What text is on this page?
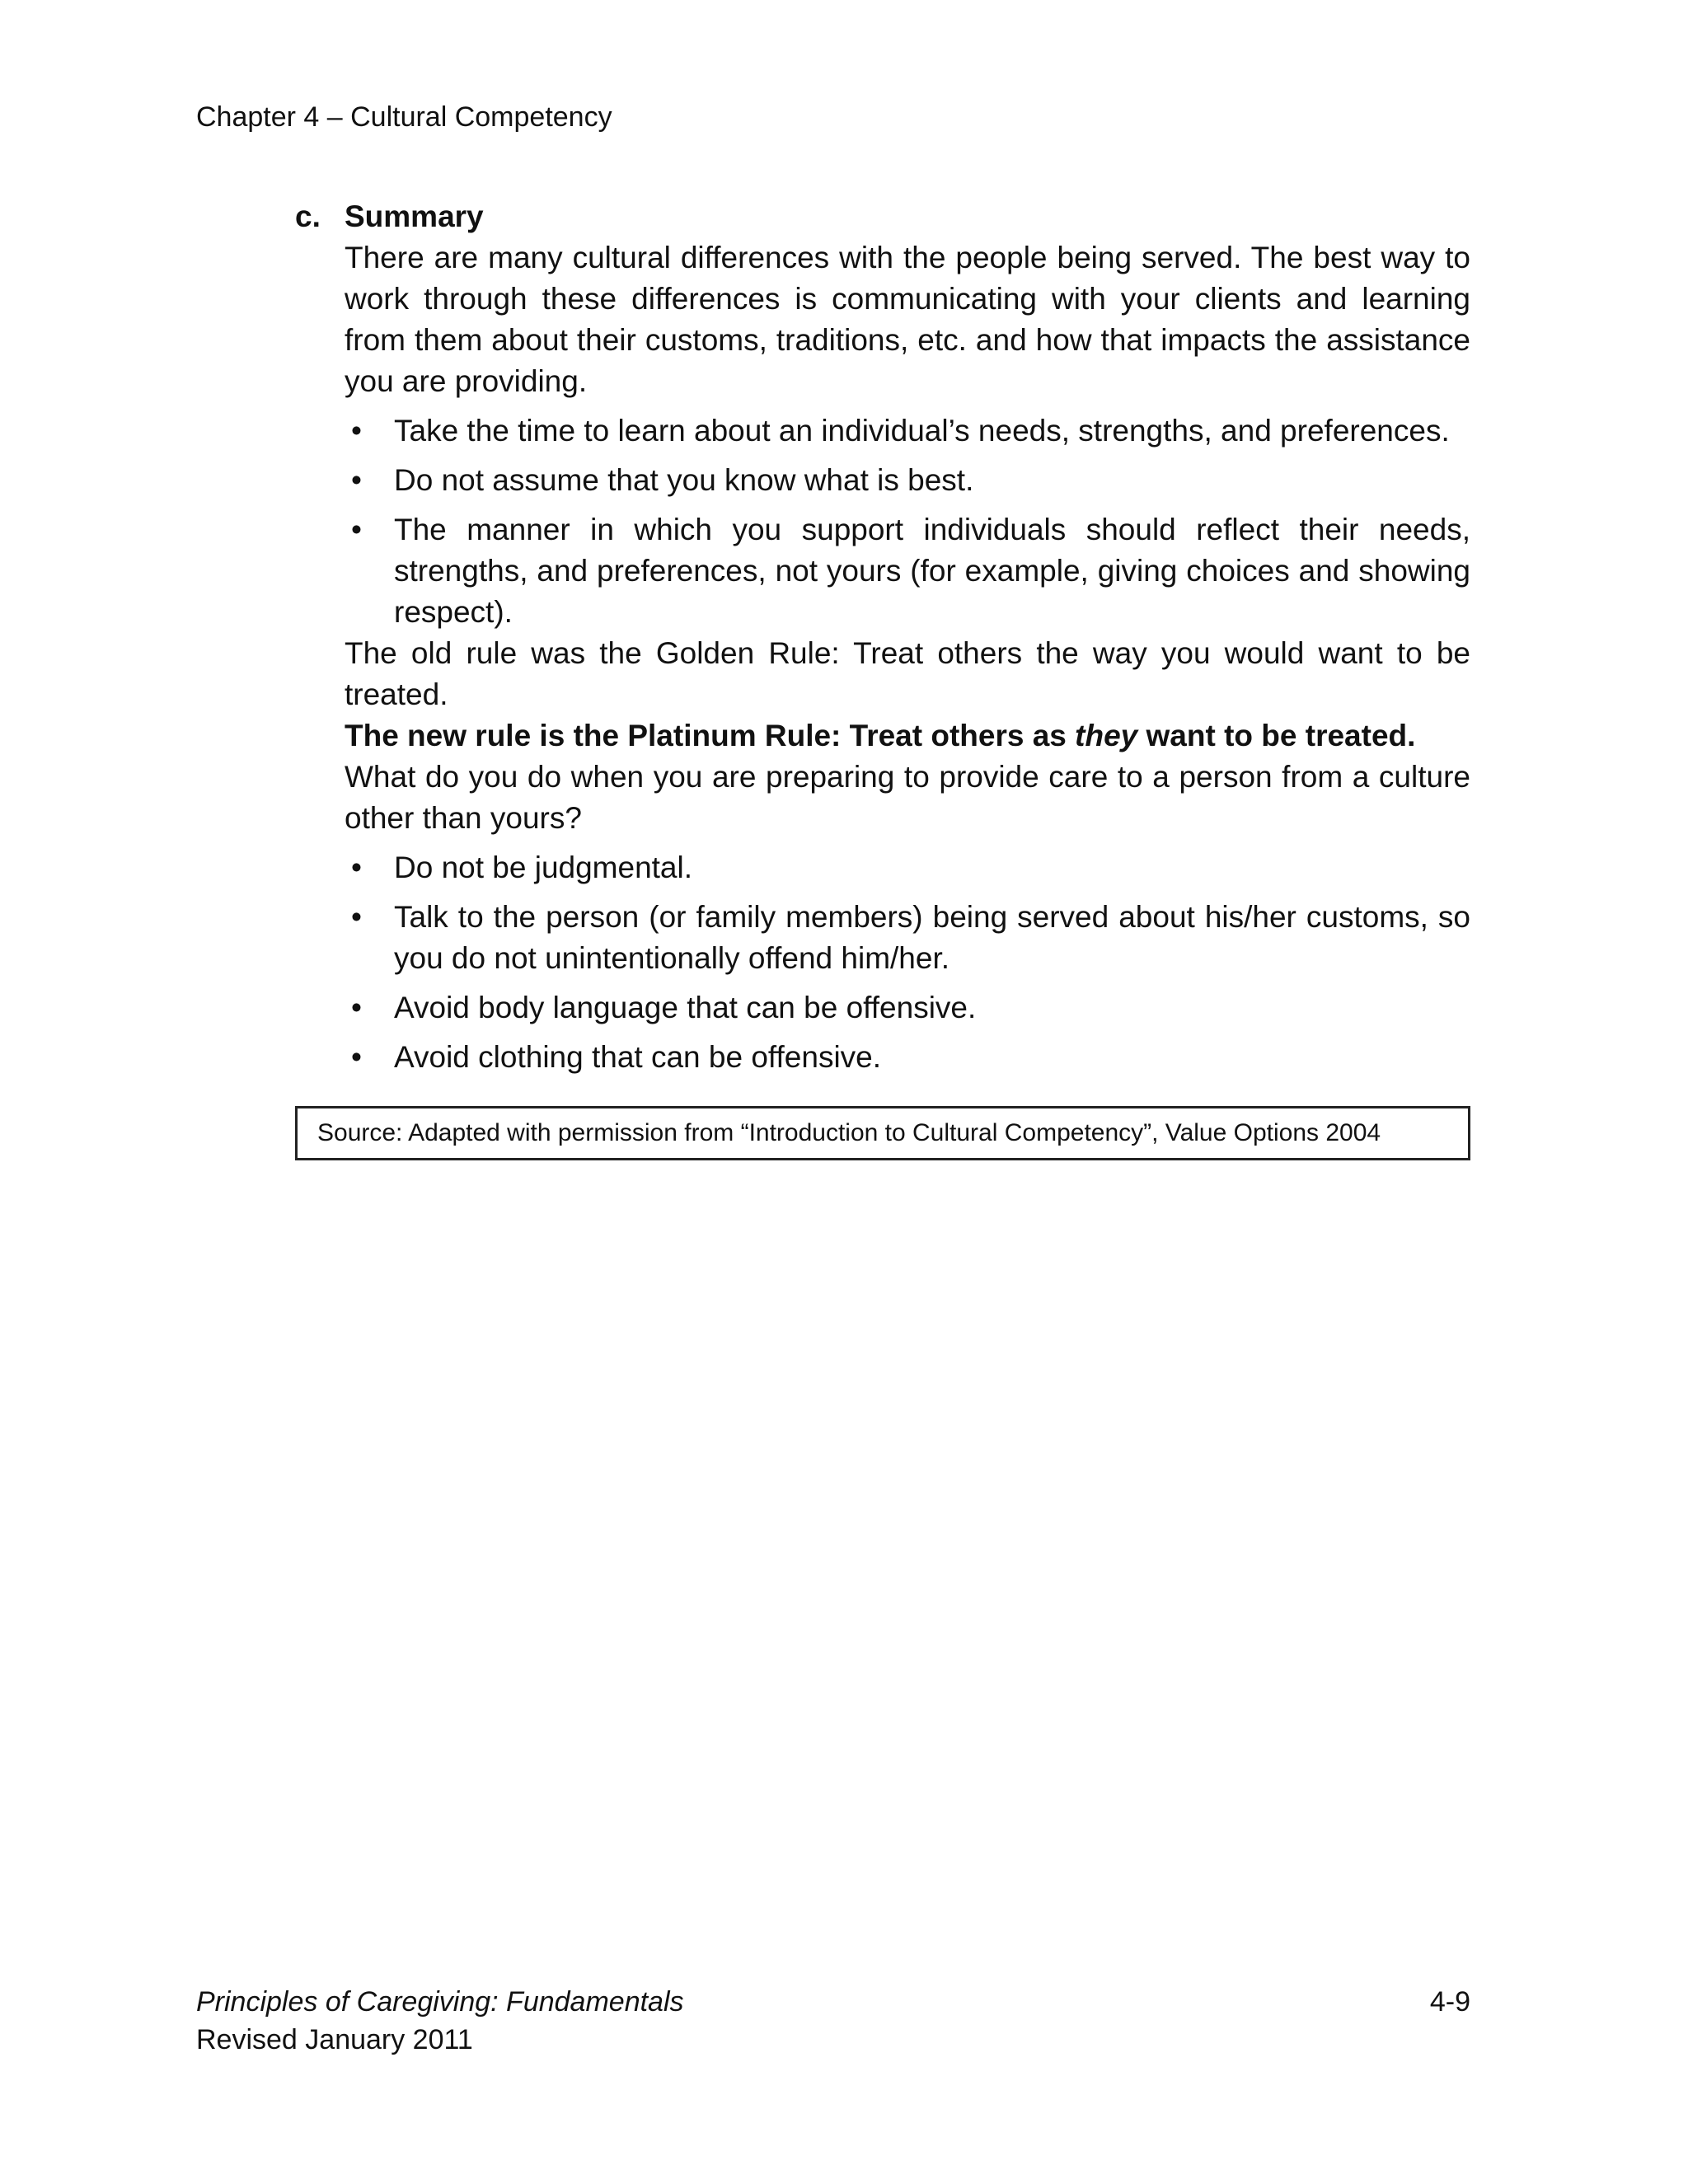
Chapter 4 – Cultural Competency
c. Summary

There are many cultural differences with the people being served. The best way to work through these differences is communicating with your clients and learning from them about their customs, traditions, etc. and how that impacts the assistance you are providing.

• Take the time to learn about an individual’s needs, strengths, and preferences.
• Do not assume that you know what is best.
• The manner in which you support individuals should reflect their needs, strengths, and preferences, not yours (for example, giving choices and showing respect).

The old rule was the Golden Rule: Treat others the way you would want to be treated.

The new rule is the Platinum Rule: Treat others as they want to be treated.

What do you do when you are preparing to provide care to a person from a culture other than yours?

• Do not be judgmental.
• Talk to the person (or family members) being served about his/her customs, so you do not unintentionally offend him/her.
• Avoid body language that can be offensive.
• Avoid clothing that can be offensive.
Source: Adapted with permission from “Introduction to Cultural Competency”, Value Options 2004
Principles of Caregiving: Fundamentals
Revised January 2011
4-9
